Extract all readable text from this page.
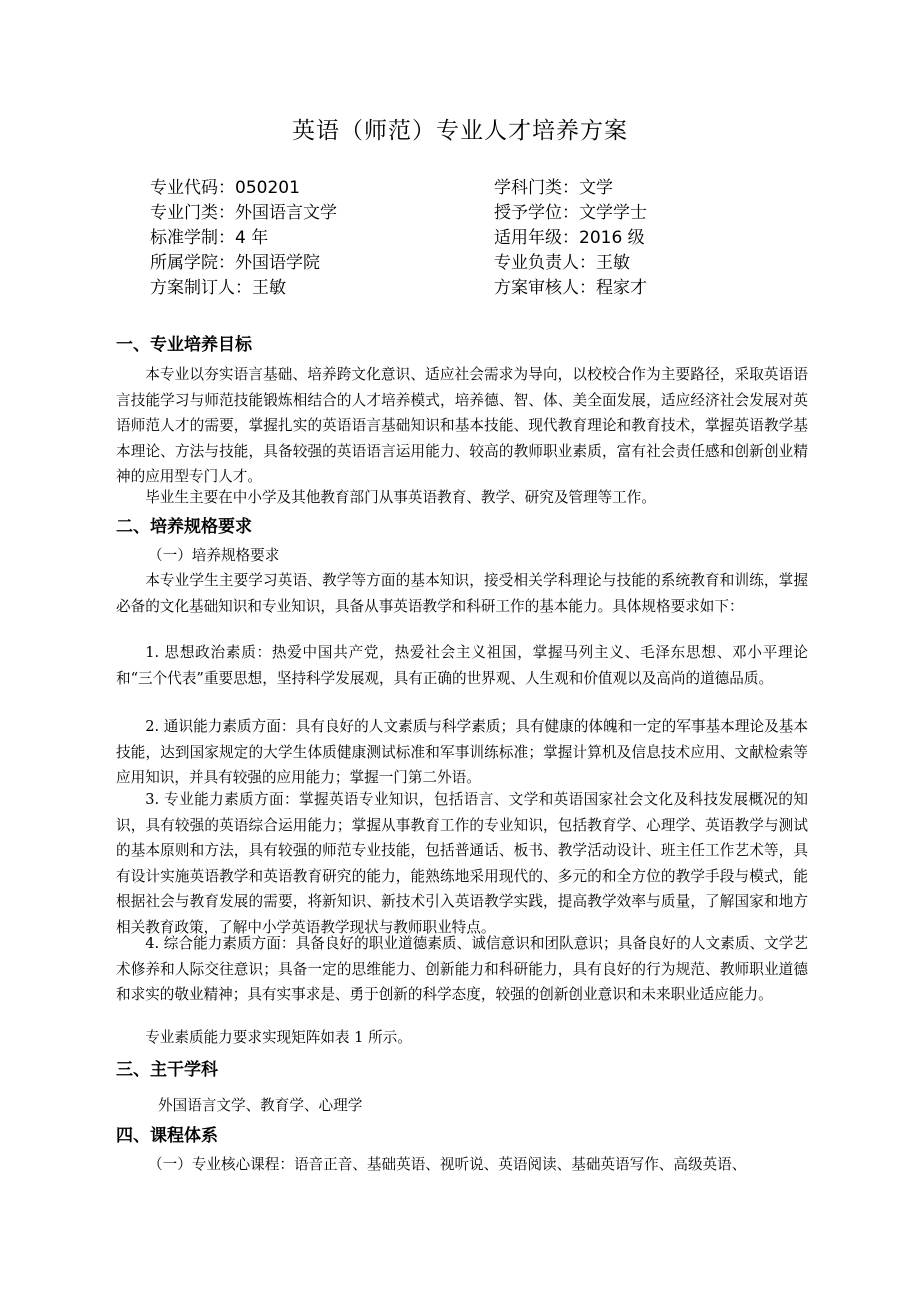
英语（师范）专业人才培养方案
专业代码：050201
专业门类：外国语言文学
标准学制：4 年
所属学院：外国语学院
方案制订人：王敏
学科门类：文学
授予学位：文学学士
适用年级：2016 级
专业负责人：王敏
方案审核人：程家才
一、专业培养目标

本专业以夯实语言基础、培养跨文化意识、适应社会需求为导向，以校校合作为主要路径，采取英语语言技能学习与师范技能锻炼相结合的人才培养模式，培养德、智、体、美全面发展，适应经济社会发展对英语师范人才的需要，掌握扎实的英语语言基础知识和基本技能、现代教育理论和教育技术，掌握英语教学基本理论、方法与技能，具备较强的英语语言运用能力、较高的教师职业素质，富有社会责任感和创新创业精神的应用型专门人才。

毕业生主要在中小学及其他教育部门从事英语教育、教学、研究及管理等工作。

二、培养规格要求
（一）培养规格要求

本专业学生主要学习英语、教学等方面的基本知识，接受相关学科理论与技能的系统教育和训练，掌握必备的文化基础知识和专业知识，具备从事英语教学和科研工作的基本能力。具体规格要求如下：

1. 思想政治素质：热爱中国共产党，热爱社会主义祖国，掌握马列主义、毛泽东思想、邓小平理论和“三个代表”重要思想，坚持科学发展观，具有正确的世界观、人生观和价值观以及高尚的道德品质。

2. 通识能力素质方面：具有良好的人文素质与科学素质；具有健康的体魄和一定的军事基本理论及基本技能，达到国家规定的大学生体质健康测试标准和军事训练标准；掌握计算机及信息技术应用、文献检索等应用知识，并具有较强的应用能力；掌握一门第二外语。

3. 专业能力素质方面：掌握英语专业知识，包括语言、文学和英语国家社会文化及科技发展概况的知识，具有较强的英语综合运用能力；掌握从事教育工作的专业知识，包括教育学、心理学、英语教学与测试的基本原则和方法，具有较强的师范专业技能，包括普通话、板书、教学活动设计、班主任工作艺术等，具有设计实施英语教学和英语教育研究的能力，能熟练地采用现代的、多元的和全方位的教学手段与模式，能根据社会与教育发展的需要，将新知识、新技术引入英语教学实践，提高教学效率与质量，了解国家和地方相关教育政策，了解中小学英语教学现状与教师职业特点。

4. 综合能力素质方面：具备良好的职业道德素质、诚信意识和团队意识；具备良好的人文素质、文学艺术修养和人际交往意识；具备一定的思维能力、创新能力和科研能力，具有良好的行为规范、教师职业道德和求实的敬业精神；具有实事求是、勇于创新的科学态度，较强的创新创业意识和未来职业适应能力。

专业素质能力要求实现矩阵如表 1 所示。

三、主干学科
外国语言文学、教育学、心理学
四、课程体系
（一）专业核心课程：语音正音、基础英语、视听说、英语阅读、基础英语写作、高级英语、
